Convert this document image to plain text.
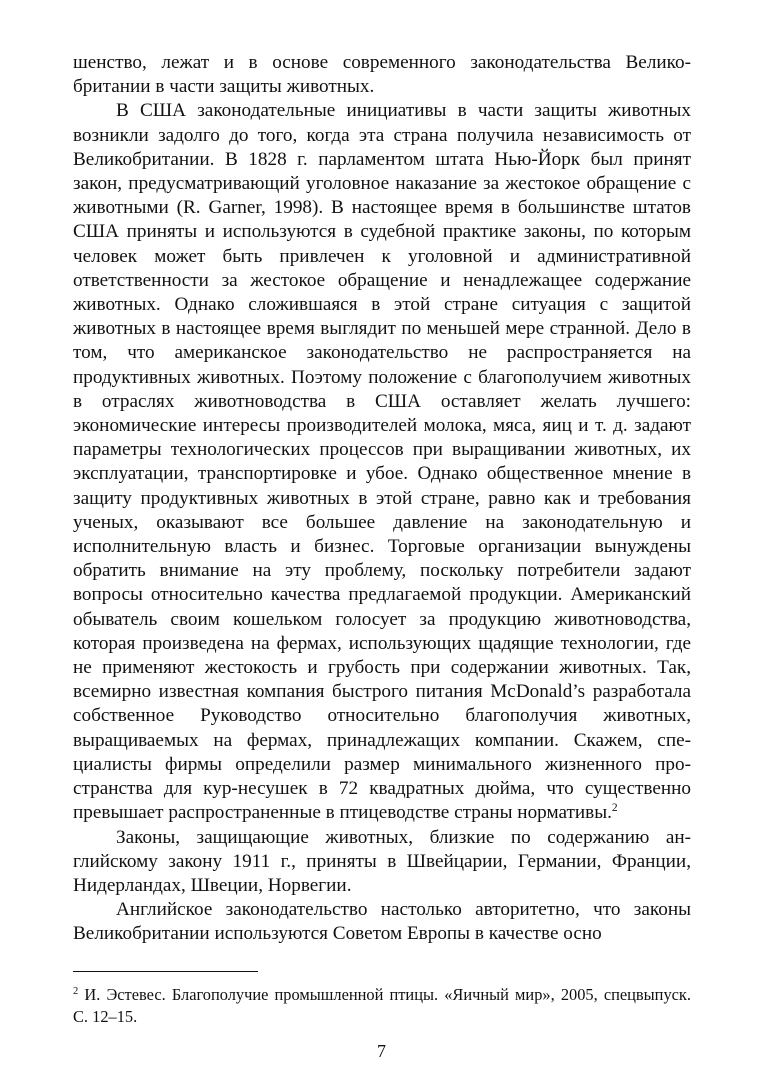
шенство, лежат и в основе современного законодательства Великобритании в части защиты животных.

В США законодательные инициативы в части защиты животных возникли задолго до того, когда эта страна получила независимость от Великобритании. В 1828 г. парламентом штата Нью-Йорк был принят закон, предусматривающий уголовное наказание за жестокое обращение с животными (R. Garner, 1998). В настоящее время в большинстве штатов США приняты и используются в судебной практике законы, по которым человек может быть привлечен к уголовной и административной ответственности за жестокое обращение и ненадлежащее содержание животных. Однако сложившаяся в этой стране ситуация с защитой животных в настоящее время выглядит по меньшей мере странной. Дело в том, что американское законодательство не распространяется на продуктивных животных. Поэтому положение с благополучием животных в отраслях животноводства в США оставляет желать лучшего: экономические интересы производителей молока, мяса, яиц и т. д. задают параметры технологических процессов при выращивании животных, их эксплуатации, транспортировке и убое. Однако общественное мнение в защиту продуктивных животных в этой стране, равно как и требования ученых, оказывают все большее давление на законодательную и исполнительную власть и бизнес. Торговые организации вынуждены обратить внимание на эту проблему, поскольку потребители задают вопросы относительно качества предлагаемой продукции. Американский обыватель своим кошельком голосует за продукцию животноводства, которая произведена на фермах, использующих щадящие технологии, где не применяют жестокость и грубость при содержании животных. Так, всемирно известная компания быстрого питания McDonald’s разработала собственное Руководство относительно благополучия животных, выращиваемых на фермах, принадлежащих компании. Скажем, специалисты фирмы определили размер минимального жизненного пространства для кур-несушек в 72 квадратных дюйма, что существенно превышает распространенные в птицеводстве страны нормативы.$^2$

Законы, защищающие животных, близкие по содержанию английскому закону 1911 г., приняты в Швейцарии, Германии, Франции, Нидерландах, Швеции, Норвегии.

Английское законодательство настолько авторитетно, что законы Великобритании используются Советом Европы в качестве осно

$^2$ И. Эстевес. Благополучие промышленной птицы. «Яичный мир», 2005, спецвыпуск. С. 12–15.

7
